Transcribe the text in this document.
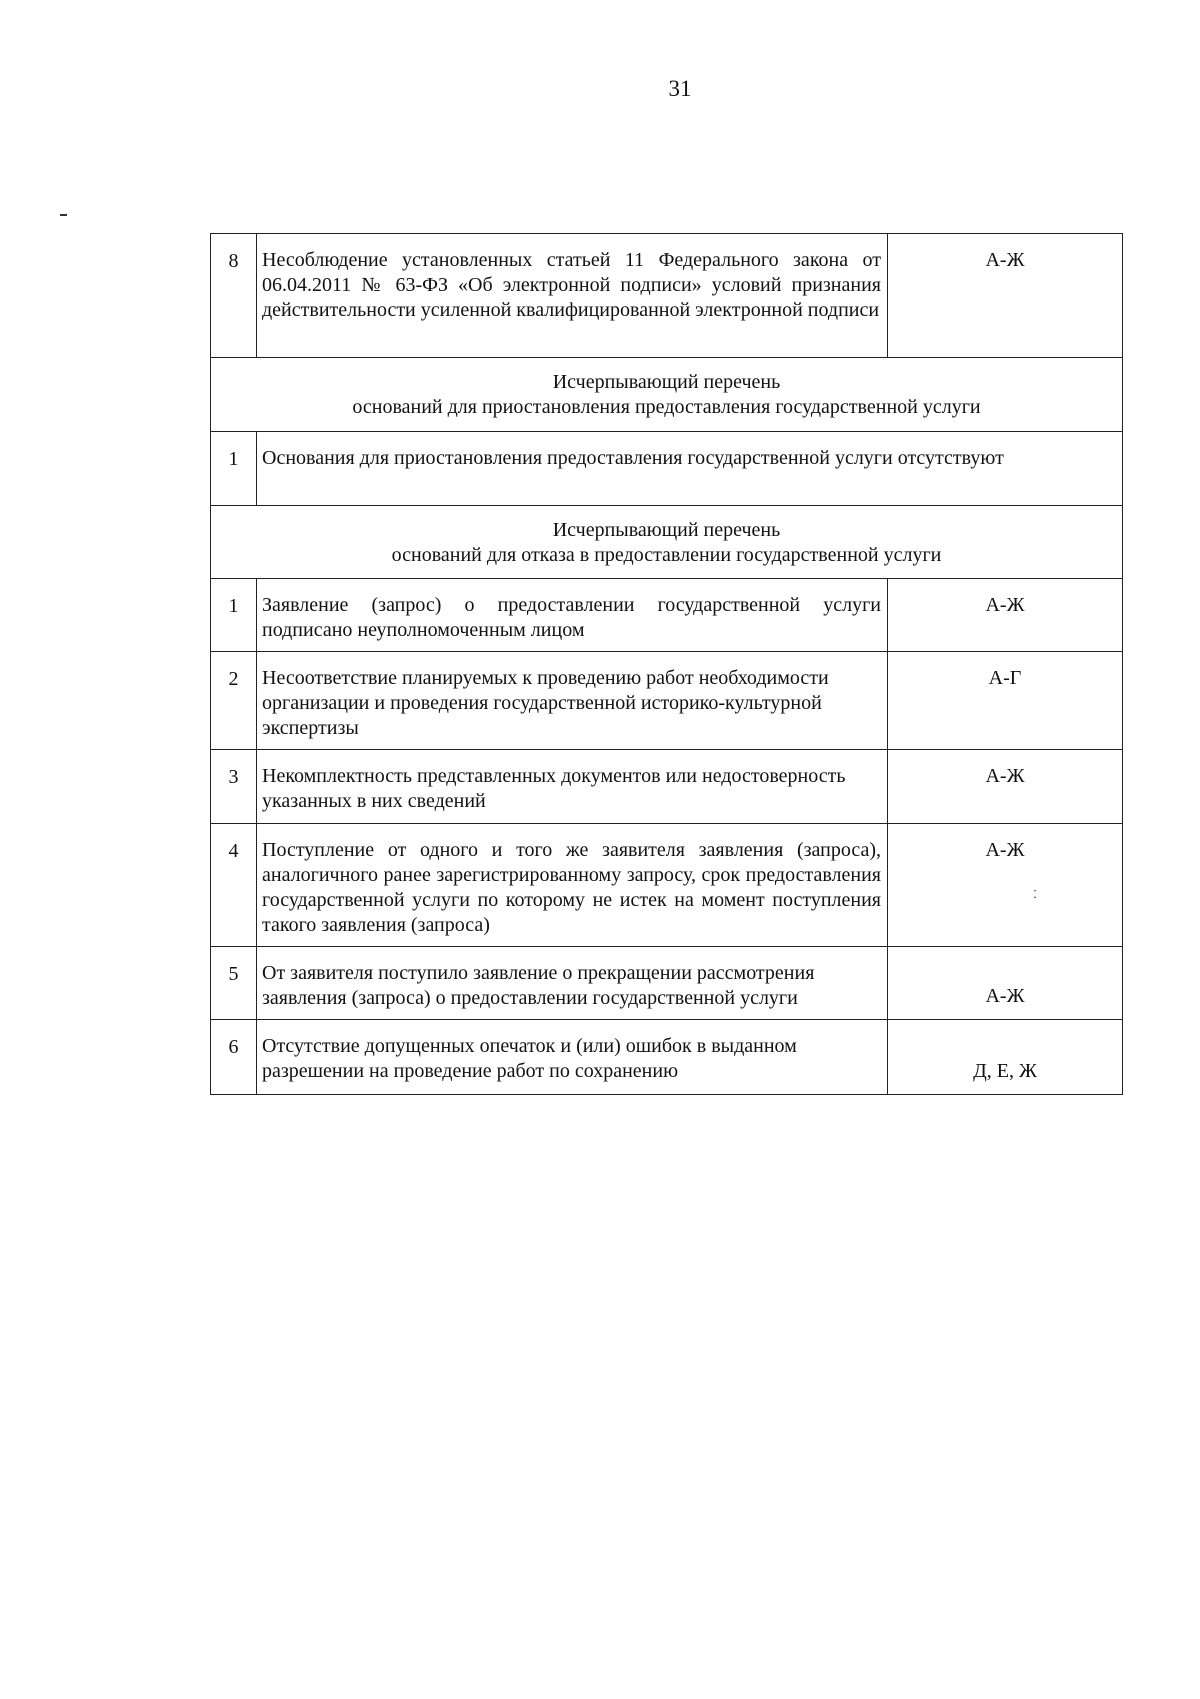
31
8	Несоблюдение установленных статьей 11 Федерального закона от 06.04.2011 № 63-ФЗ «Об электронной подписи» условий признания действительности усиленной квалифицированной электронной подписи	А-Ж

Исчерпывающий перечень
оснований для приостановления предоставления государственной услуги		

1	Основания для приостановления предоставления государственной услуги отсутствуют	

Исчерпывающий перечень
оснований для отказа в предоставлении государственной услуги		

1	Заявление (запрос) о предоставлении государственной услуги подписано неуполномоченным лицом	А-Ж
2	Несоответствие планируемых к проведению работ необходимости организации и проведения государственной историко-культурной экспертизы	А-Г
3	Некомплектность представленных документов или недостоверность указанных в них сведений	А-Ж
4	Поступление от одного и того же заявителя заявления (запроса), аналогичного ранее зарегистрированному запросу, срок предоставления государственной услуги по которому не истек на момент поступления такого заявления (запроса)	А-Ж
⁚

5	От заявителя поступило заявление о прекращении рассмотрения заявления (запроса) о предоставлении государственной услуги	А-Ж
6	Отсутствие допущенных опечаток и (или) ошибок в выданном разрешении на проведение работ по сохранению	Д, Е, Ж
